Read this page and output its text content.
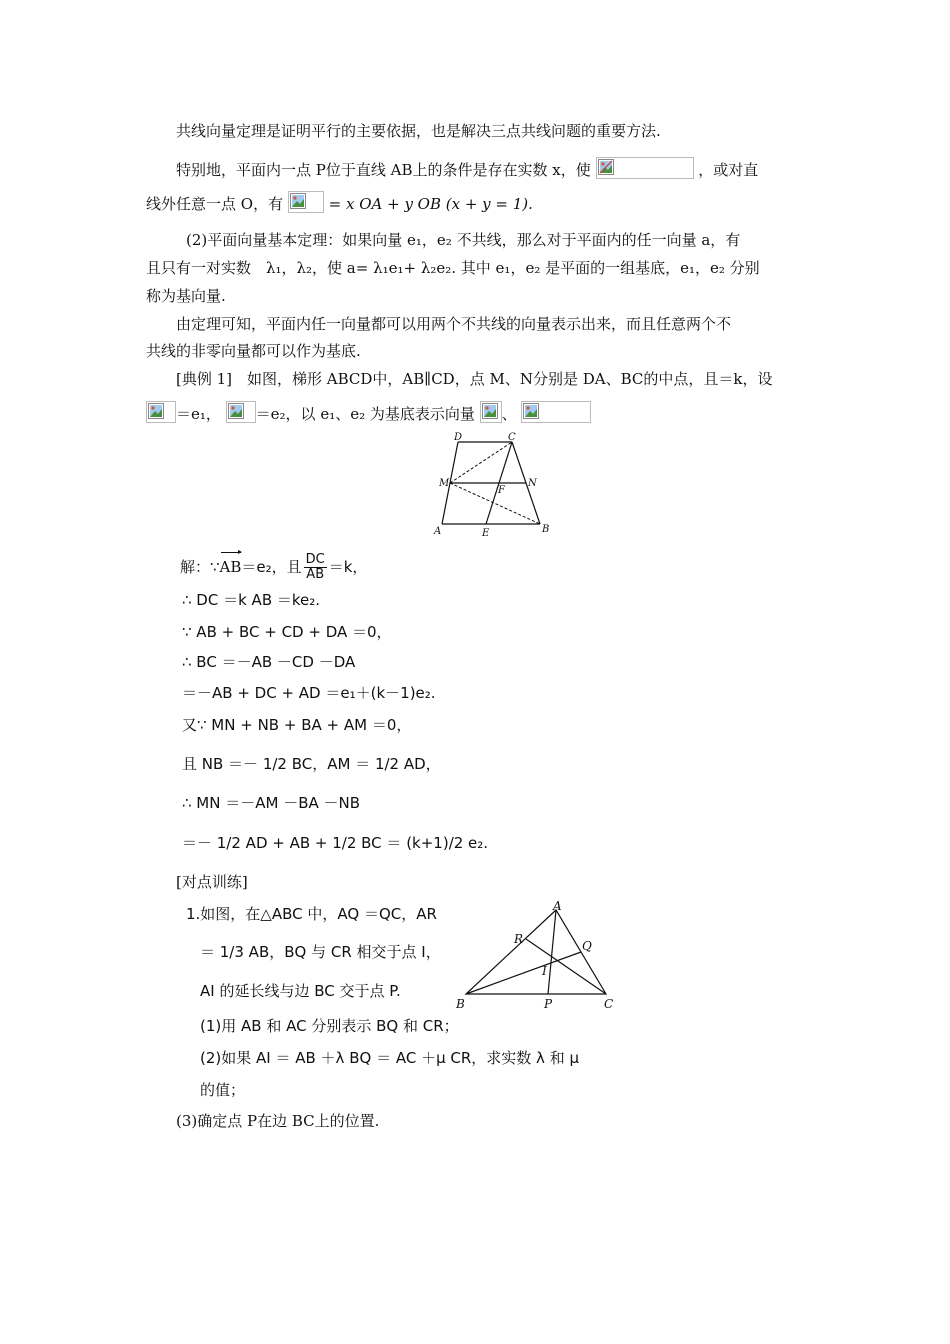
共线向量定理是证明平行的主要依据，也是解决三点共线问题的重要方法.
特别地，平面内一点 P位于直线 AB上的条件是存在实数 x，使	，或对直
线外任意一点 O，有	= x OA + y OB (x + y = 1).
(2)平面向量基本定理：如果向量 e₁，e₂ 不共线，那么对于平面内的任一向量 a，有
且只有一对实数　λ₁，λ₂，使 a= λ₁e₁+ λ₂e₂. 其中 e₁，e₂ 是平面的一组基底，e₁，e₂ 分别
称为基向量.
由定理可知，平面内任一向量都可以用两个不共线的向量表示出来，而且任意两个不
共线的非零向量都可以作为基底.
[典例 1]　如图，梯形 ABCD中，AB∥CD，点 M、N分别是 DA、BC的中点，且＝k，设
＝e₁， ＝e₂，以 e₁、e₂ 为基底表示向量 、
D	C
M	N
F
A	E	B
解：∵AB＝e₂，且 $\frac{DC}{AB} =k$，
∴ DC ＝k AB ＝ke₂.
∵ AB + BC + CD + DA ＝0，
∴ BC ＝－AB －CD －DA
＝－AB + DC + AD ＝e₁＋(k－1)e₂.
又∵ MN + NB + BA + AM ＝0，
且 NB ＝－ 1/2 BC，AM ＝ 1/2 AD，
∴ MN ＝－AM －BA －NB
＝－ 1/2 AD + AB + 1/2 BC ＝ (k+1)/2 e₂.
[对点训练]
1.如图，在△ABC 中，AQ ＝QC，AR
＝ 1/3 AB，BQ 与 CR 相交于点 I，
AI 的延长线与边 BC 交于点 P.
(1)用 AB 和 AC 分别表示 BQ 和 CR；
(2)如果 AI ＝ AB ＋λ BQ ＝ AC ＋μ CR，求实数 λ 和 μ
的值；
(3)确定点 P在边 BC上的位置.
A
R	Q
I
B	P	C
